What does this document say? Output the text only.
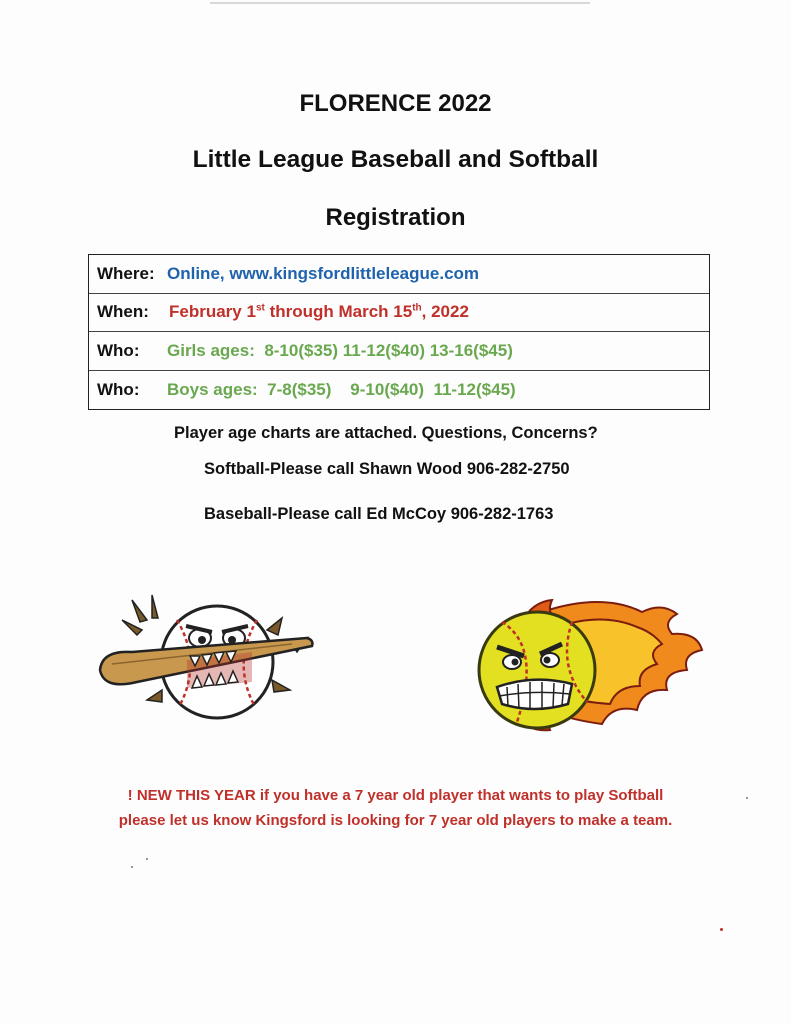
FLORENCE 2022
Little League Baseball and Softball
Registration
Where: Online, www.kingsfordlittleleague.com
When:	February 1st through March 15th, 2022
Who:	Girls ages:  8-10($35) 11-12($40) 13-16($45)
Who:	Boys ages:  7-8($35)    9-10($40)  11-12($45)
Player age charts are attached. Questions, Concerns?
Softball-Please call Shawn Wood 906-282-2750
Baseball-Please call Ed McCoy 906-282-1763
! NEW THIS YEAR if you have a 7 year old player that wants to play Softball
please let us know Kingsford is looking for 7 year old players to make a team.
